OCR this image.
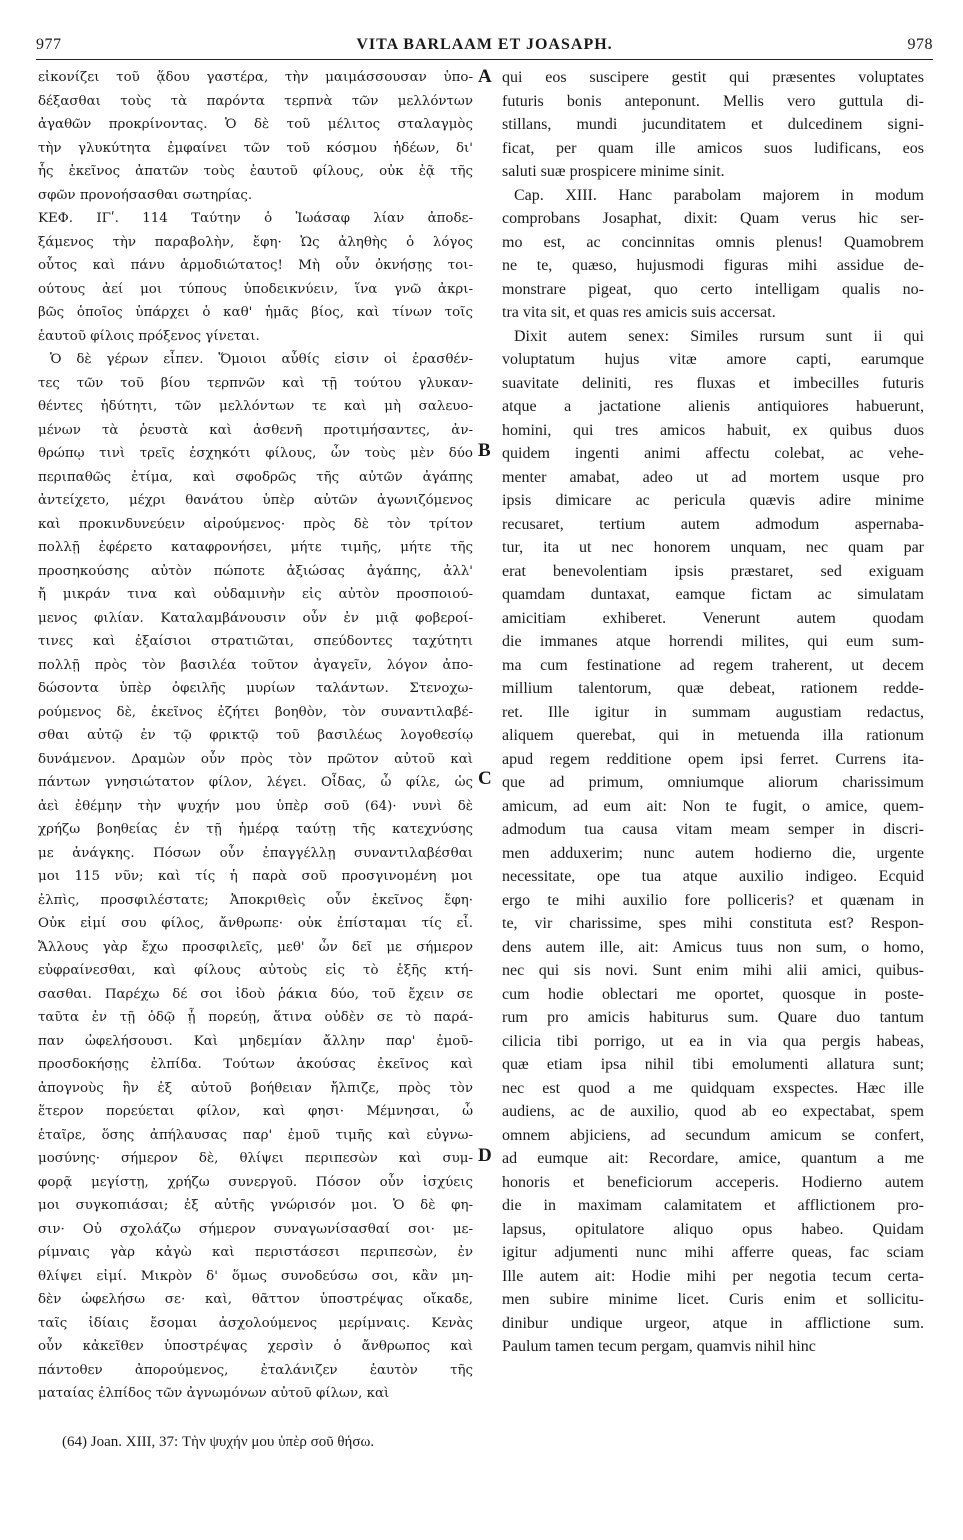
977	VITA BARLAAM ET JOASAPH.	978
εἰκονίζει τοῦ ᾅδου γαστέρα, τὴν μαιμάσσουσαν ὑπο-
δέξασθαι τοὺς τὰ παρόντα τερπνὰ τῶν μελλόντων
ἀγαθῶν προκρίνοντας. Ὁ δὲ τοῦ μέλιτος σταλαγμὸς
τὴν γλυκύτητα ἐμφαίνει τῶν τοῦ κόσμου ἡδέων, δι'
ἧς ἐκεῖνος ἀπατῶν τοὺς ἑαυτοῦ φίλους, οὐκ ἐᾷ τῆς
σφῶν προνοήσασθαι σωτηρίας.
ΚΕΦ. ΙΓʹ. 114 Ταύτην ὁ Ἰωάσαφ λίαν ἀποδε-
ξάμενος τὴν παραβολὴν, ἔφη· Ὡς ἀληθὴς ὁ λόγος
οὗτος καὶ πάνυ ἁρμοδιώτατος! Μὴ οὖν ὀκνήσῃς τοι-
ούτους ἀεί μοι τύπους ὑποδεικνύειν, ἵνα γνῶ ἀκρι-
βῶς ὁποῖος ὑπάρχει ὁ καθ' ἡμᾶς βίος, καὶ τίνων τοῖς
ἑαυτοῦ φίλοις πρόξενος γίνεται.
Ὁ δὲ γέρων εἶπεν. Ὅμοιοι αὖθίς εἰσιν οἱ ἐρασθέν-
τες τῶν τοῦ βίου τερπνῶν καὶ τῇ τούτου γλυκαν-
θέντες ἡδύτητι, τῶν μελλόντων τε καὶ μὴ σαλευο-
μένων τὰ ῥευστὰ καὶ ἀσθενῆ προτιμήσαντες, ἀν-
θρώπῳ τινὶ τρεῖς ἐσχηκότι φίλους, ὧν τοὺς μὲν δύο
περιπαθῶς ἐτίμα, καὶ σφοδρῶς τῆς αὐτῶν ἀγάπης
ἀντείχετο, μέχρι θανάτου ὑπὲρ αὐτῶν ἀγωνιζόμενος
καὶ προκινδυνεύειν αἱρούμενος· πρὸς δὲ τὸν τρίτον
πολλῇ ἐφέρετο καταφρονήσει, μήτε τιμῆς, μήτε τῆς
προσηκούσης αὐτὸν πώποτε ἀξιώσας ἀγάπης, ἀλλ'
ἤ μικράν τινα καὶ οὐδαμινὴν εἰς αὐτὸν προσποιού-
μενος φιλίαν. Καταλαμβάνουσιν οὖν ἐν μιᾷ φοβεροί-
τινες καὶ ἐξαίσιοι στρατιῶται, σπεύδοντες ταχύτητι
πολλῇ πρὸς τὸν βασιλέα τοῦτον ἀγαγεῖν, λόγον ἀπο-
δώσοντα ὑπὲρ ὀφειλῆς μυρίων ταλάντων. Στενοχω-
ρούμενος δὲ, ἐκεῖνος ἐζήτει βοηθὸν, τὸν συναντιλαβέ-
σθαι αὐτῷ ἐν τῷ φρικτῷ τοῦ βασιλέως λογοθεσίῳ
δυνάμενον. Δραμὼν οὖν πρὸς τὸν πρῶτον αὐτοῦ καὶ
πάντων γνησιώτατον φίλον, λέγει. Οἶδας, ὦ φίλε, ὡς
ἀεὶ ἐθέμην τὴν ψυχήν μου ὑπὲρ σοῦ (64)· νυνὶ δὲ
χρήζω βοηθείας ἐν τῇ ἡμέρᾳ ταύτῃ τῆς κατεχνύσης
με ἀνάγκης. Πόσων οὖν ἐπαγγέλλῃ συναντιλαβέσθαι
μοι 115 νῦν; καὶ τίς ἡ παρὰ σοῦ προσγινομένη μοι
ἐλπὶς, προσφιλέστατε; Ἀποκριθεὶς οὖν ἐκεῖνος ἔφη·
Οὐκ εἰμί σου φίλος, ἄνθρωπε· οὐκ ἐπίσταμαι τίς εἶ.
Ἄλλους γὰρ ἔχω προσφιλεῖς, μεθ' ὧν δεῖ με σήμερον
εὐφραίνεσθαι, καὶ φίλους αὐτοὺς εἰς τὸ ἑξῆς κτή-
σασθαι. Παρέχω δέ σοι ἰδοὺ ῥάκια δύο, τοῦ ἔχειν σε
ταῦτα ἐν τῇ ὁδῷ ᾗ πορεύῃ, ἅτινα οὐδὲν σε τὸ παρά-
παν ὠφελήσουσι. Καὶ μηδεμίαν ἄλλην παρ' ἐμοῦ-
προσδοκήσῃς ἐλπίδα. Τούτων ἀκούσας ἐκεῖνος καὶ
ἀπογνοὺς ἣν ἐξ αὐτοῦ βοήθειαν ἤλπιζε, πρὸς τὸν
ἕτερον πορεύεται φίλον, καὶ φησι· Μέμνησαι, ὦ
ἑταῖρε, ὅσης ἀπήλαυσας παρ' ἐμοῦ τιμῆς καὶ εὐγνω-
μοσύνης· σήμερον δὲ, θλίψει περιπεσὼν καὶ συμ-
φορᾷ μεγίστῃ, χρήζω συνεργοῦ. Πόσον οὖν ἰσχύεις
μοι συγκοπιάσαι; ἐξ αὐτῆς γνώρισόν μοι. Ὁ δὲ φη-
σιν· Οὐ σχολάζω σήμερον συναγωνίσασθαί σοι· με-
ρίμναις γὰρ κἀγὼ καὶ περιστάσεσι περιπεσὼν, ἐν
θλίψει εἰμί. Μικρὸν δ' ὅμως συνοδεύσω σοι, κἂν μη-
δὲν ὠφελήσω σε· καὶ, θᾶττον ὑποστρέψας οἴκαδε,
ταῖς ἰδίαις ἔσομαι ἀσχολούμενος μερίμναις. Κενὰς
οὖν κἀκεῖθεν ὑποστρέψας χερσὶν ὁ ἄνθρωπος καὶ
πάντοθεν ἀπορούμενος, ἐταλάνιζεν ἑαυτὸν τῆς
ματαίας ἐλπίδος τῶν ἀγνωμόνων αὐτοῦ φίλων, καὶ
A
B
C
D
qui eos suscipere gestit qui præsentes voluptates
futuris bonis anteponunt. Mellis vero guttula di-
stillans, mundi jucunditatem et dulcedinem signi-
ficat, per quam ille amicos suos ludificans, eos
saluti suæ prospicere minime sinit.
Cap. XIII. Hanc parabolam majorem in modum
comprobans Josaphat, dixit: Quam verus hic ser-
mo est, ac concinnitas omnis plenus! Quamobrem
ne te, quæso, hujusmodi figuras mihi assidue de-
monstrare pigeat, quo certo intelligam qualis no-
tra vita sit, et quas res amicis suis accersat.
Dixit autem senex: Similes rursum sunt ii qui
voluptatum hujus vitæ amore capti, earumque
suavitate deliniti, res fluxas et imbecilles futuris
atque a jactatione alienis antiquiores habuerunt,
homini, qui tres amicos habuit, ex quibus duos
quidem ingenti animi affectu colebat, ac vehe-
menter amabat, adeo ut ad mortem usque pro
ipsis dimicare ac pericula quævis adire minime
recusaret, tertium autem admodum aspernaba-
tur, ita ut nec honorem unquam, nec quam par
erat benevolentiam ipsis præstaret, sed exiguam
quamdam duntaxat, eamque fictam ac simulatam
amicitiam exhiberet. Venerunt autem quodam
die immanes atque horrendi milites, qui eum sum-
ma cum festinatione ad regem traherent, ut decem
millium talentorum, quæ debeat, rationem redde-
ret. Ille igitur in summam augustiam redactus,
aliquem querebat, qui in metuenda illa rationum
apud regem redditione opem ipsi ferret. Currens ita-
que ad primum, omniumque aliorum charissimum
amicum, ad eum ait: Non te fugit, o amice, quem-
admodum tua causa vitam meam semper in discri-
men adduxerim; nunc autem hodierno die, urgente
necessitate, ope tua atque auxilio indigeo. Ecquid
ergo te mihi auxilio fore polliceris? et quænam in
te, vir charissime, spes mihi constituta est? Respon-
dens autem ille, ait: Amicus tuus non sum, o homo,
nec qui sis novi. Sunt enim mihi alii amici, quibus-
cum hodie oblectari me oportet, quosque in poste-
rum pro amicis habiturus sum. Quare duo tantum
cilicia tibi porrigo, ut ea in via qua pergis habeas,
quæ etiam ipsa nihil tibi emolumenti allatura sunt;
nec est quod a me quidquam exspectes. Hæc ille
audiens, ac de auxilio, quod ab eo expectabat, spem
omnem abjiciens, ad secundum amicum se confert,
ad eumque ait: Recordare, amice, quantum a me
honoris et beneficiorum acceperis. Hodierno autem
die in maximam calamitatem et afflictionem pro-
lapsus, opitulatore aliquo opus habeo. Quidam
igitur adjumenti nunc mihi afferre queas, fac sciam
Ille autem ait: Hodie mihi per negotia tecum certa-
men subire minime licet. Curis enim et sollicitu-
dinibur undique urgeor, atque in afflictione sum.
Paulum tamen tecum pergam, quamvis nihil hinc
(64) Joan. XIII, 37: Τὴν ψυχήν μου ὑπὲρ σοῦ θήσω.
